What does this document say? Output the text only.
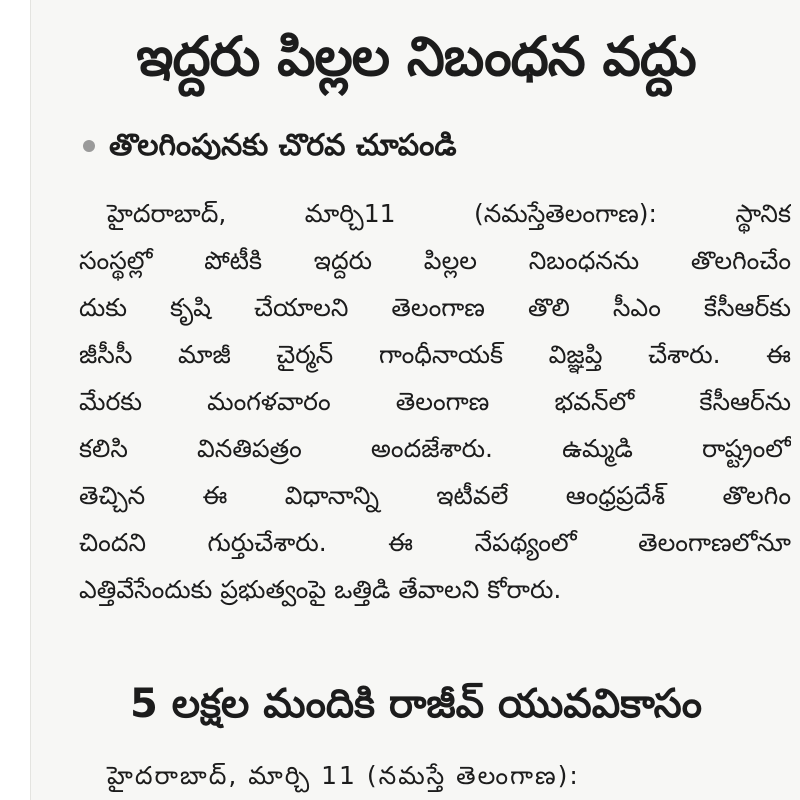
ఇద్దరు పిల్లల నిబంధన వద్దు
తొలగింపునకు చొరవ చూపండి
హైదరాబాద్, మార్చి11 (నమస్తేతెలంగాణ): స్థానిక
సంస్థల్లో పోటీకి ఇద్దరు పిల్లల నిబంధనను తొలగించేం
దుకు కృషి చేయాలని తెలంగాణ తొలి సీఎం కేసీఆర్‌కు
జీసీసీ మాజీ చైర్మన్ గాంధీనాయక్ విజ్ఞప్తి చేశారు. ఈ
మేరకు మంగళవారం తెలంగాణ భవన్‌లో కేసీఆర్‌ను
కలిసి వినతిపత్రం అందజేశారు. ఉమ్మడి రాష్ట్రంలో
తెచ్చిన ఈ విధానాన్ని ఇటీవలే ఆంధ్రప్రదేశ్ తొలగిం
చిందని గుర్తుచేశారు. ఈ నేపథ్యంలో తెలంగాణలోనూ
ఎత్తివేసేందుకు ప్రభుత్వంపై ఒత్తిడి తేవాలని కోరారు.
5 లక్షల మందికి రాజీవ్ యువవికాసం
హైదరాబాద్, మార్చి 11 (నమస్తే తెలంగాణ):
